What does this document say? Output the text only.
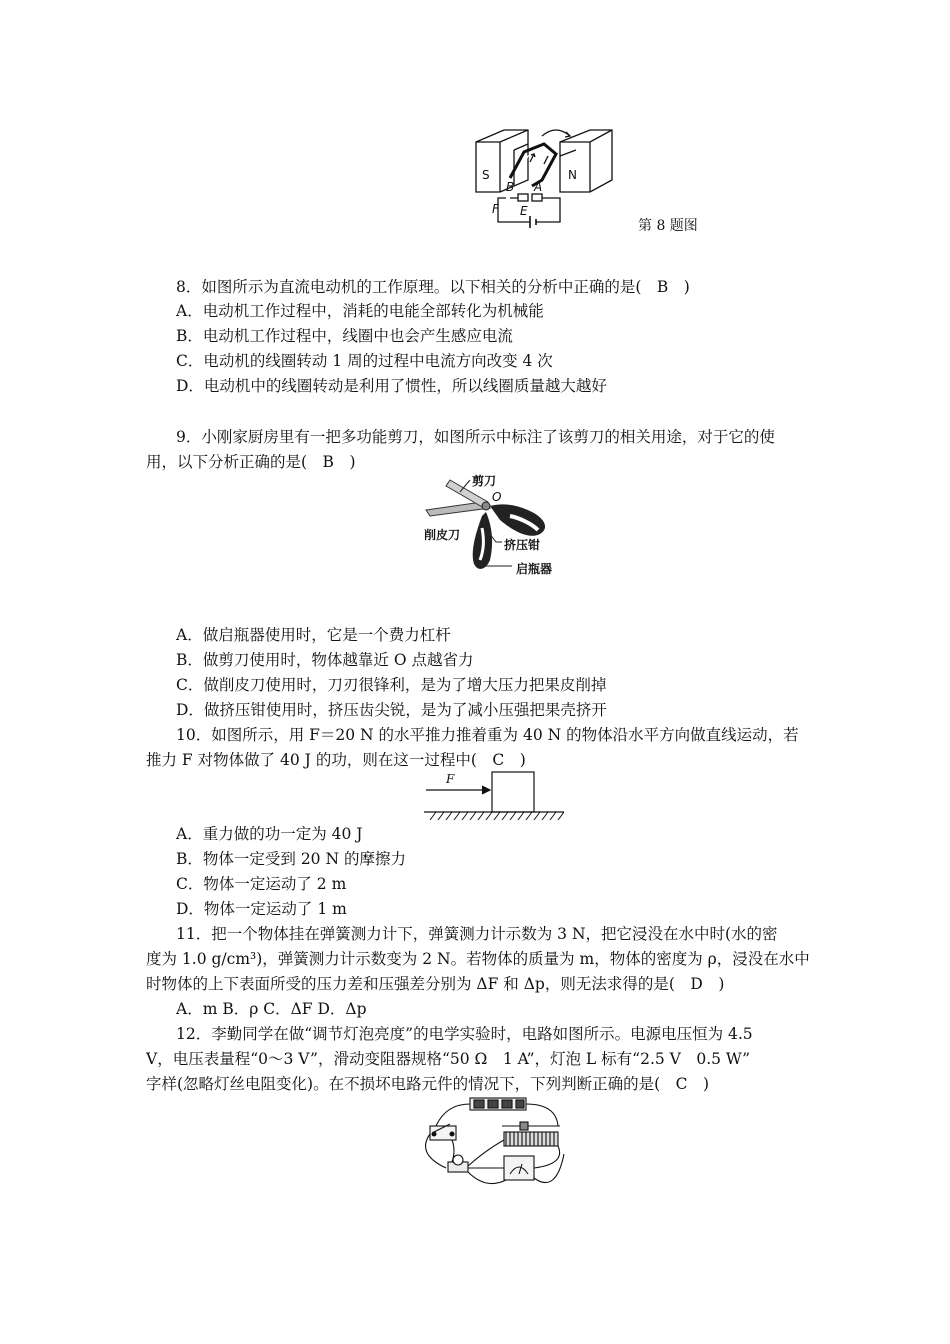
S	N
B A
F E
第 8 题图
8．如图所示为直流电动机的工作原理。以下相关的分析中正确的是(　B　)
A．电动机工作过程中，消耗的电能全部转化为机械能
B．电动机工作过程中，线圈中也会产生感应电流
C．电动机的线圈转动 1 周的过程中电流方向改变 4 次
D．电动机中的线圈转动是利用了惯性，所以线圈质量越大越好
9．小刚家厨房里有一把多功能剪刀，如图所示中标注了该剪刀的相关用途，对于它的使
用，以下分析正确的是(　B　)
剪刀
O
削皮刀
挤压钳
启瓶器
A．做启瓶器使用时，它是一个费力杠杆
B．做剪刀使用时，物体越靠近 O 点越省力
C．做削皮刀使用时，刀刃很锋利，是为了增大压力把果皮削掉
D．做挤压钳使用时，挤压齿尖锐，是为了减小压强把果壳挤开
10．如图所示，用 F＝20 N 的水平推力推着重为 40 N 的物体沿水平方向做直线运动，若
推力 F 对物体做了 40 J 的功，则在这一过程中(　C　)
F
A．重力做的功一定为 40 J
B．物体一定受到 20 N 的摩擦力
C．物体一定运动了 2 m
D．物体一定运动了 1 m
11．把一个物体挂在弹簧测力计下，弹簧测力计示数为 3 N，把它浸没在水中时(水的密
度为 1.0 g/cm³)，弹簧测力计示数变为 2 N。若物体的质量为 m，物体的密度为 ρ，浸没在水中
时物体的上下表面所受的压力差和压强差分别为 ΔF 和 Δp，则无法求得的是(　D　)
A．m B．ρ C．ΔF D．Δp
12．李勤同学在做“调节灯泡亮度”的电学实验时，电路如图所示。电源电压恒为 4.5
V，电压表量程“0～3 V”，滑动变阻器规格“50 Ω　1 A”，灯泡 L 标有“2.5 V　0.5 W”
字样(忽略灯丝电阻变化)。在不损坏电路元件的情况下，下列判断正确的是(　C　)
